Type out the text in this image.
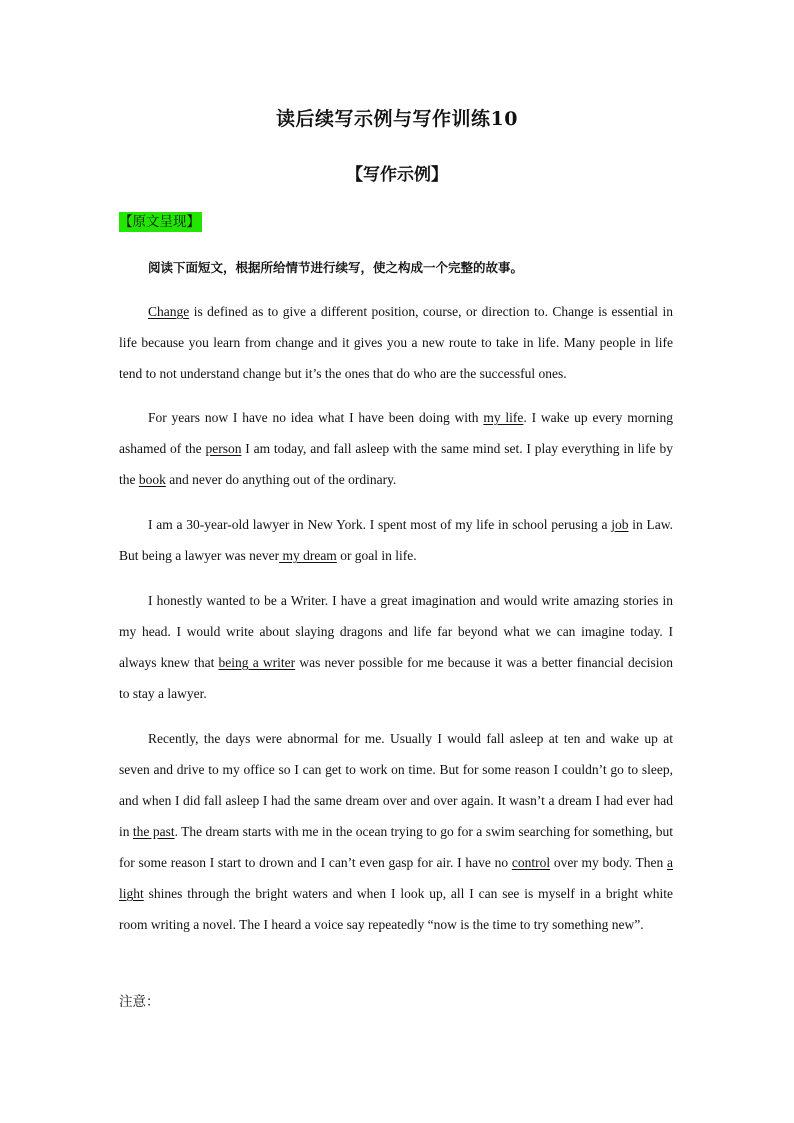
读后续写示例与写作训练10
【写作示例】
【原文呈现】
阅读下面短文，根据所给情节进行续写，使之构成一个完整的故事。

Change is defined as to give a different position, course, or direction to. Change is essential in life because you learn from change and it gives you a new route to take in life. Many people in life tend to not understand change but it’s the ones that do who are the successful ones.

For years now I have no idea what I have been doing with my life. I wake up every morning ashamed of the person I am today, and fall asleep with the same mind set. I play everything in life by the book and never do anything out of the ordinary.

I am a 30-year-old lawyer in New York. I spent most of my life in school perusing a job in Law. But being a lawyer was never my dream or goal in life.

I honestly wanted to be a Writer. I have a great imagination and would write amazing stories in my head. I would write about slaying dragons and life far beyond what we can imagine today. I always knew that being a writer was never possible for me because it was a better financial decision to stay a lawyer.

Recently, the days were abnormal for me. Usually I would fall asleep at ten and wake up at seven and drive to my office so I can get to work on time. But for some reason I couldn’t go to sleep, and when I did fall asleep I had the same dream over and over again. It wasn’t a dream I had ever had in the past. The dream starts with me in the ocean trying to go for a swim searching for something, but for some reason I start to drown and I can’t even gasp for air. I have no control over my body. Then a light shines through the bright waters and when I look up, all I can see is myself in a bright white room writing a novel. The I heard a voice say repeatedly “now is the time to try something new”.

注意：
